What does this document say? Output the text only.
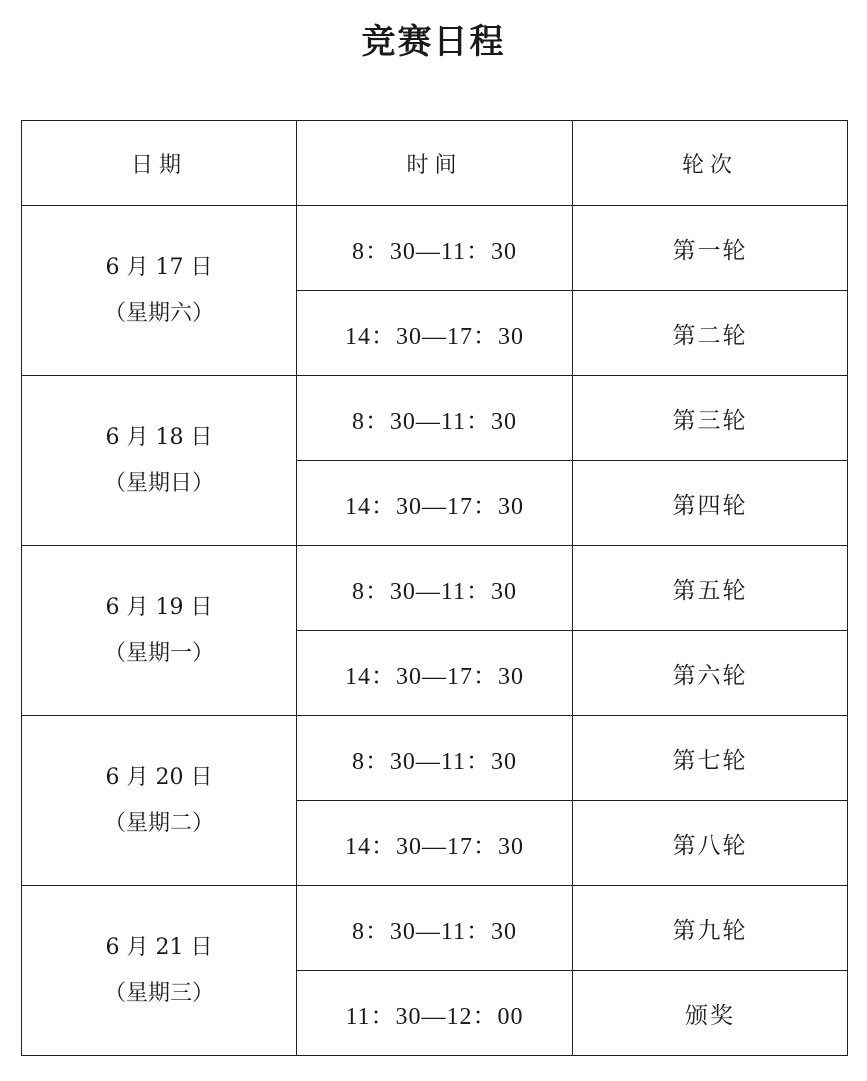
竞赛日程
日期	时间	轮次

6 月 17 日
（星期六）	8：30—11：30	第一轮
	14：30—17：30	第二轮

6 月 18 日
（星期日）	8：30—11：30	第三轮
	14：30—17：30	第四轮

6 月 19 日
（星期一）	8：30—11：30	第五轮
	14：30—17：30	第六轮

6 月 20 日
（星期二）	8：30—11：30	第七轮
	14：30—17：30	第八轮

6 月 21 日
（星期三）	8：30—11：30	第九轮
	11：30—12：00	颁奖
